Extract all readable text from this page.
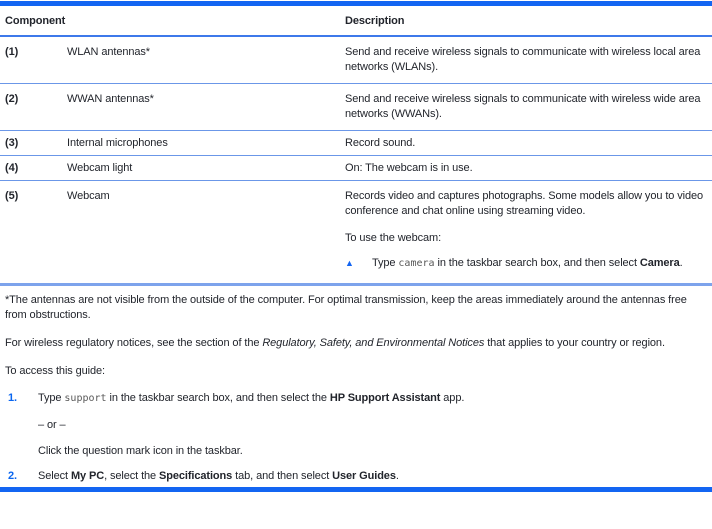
Component	Description
(1)	WLAN antennas*	Send and receive wireless signals to communicate with wireless local area networks (WLANs).
(2)	WWAN antennas*	Send and receive wireless signals to communicate with wireless wide area networks (WWANs).
(3)	Internal microphones	Record sound.
(4)	Webcam light	On: The webcam is in use.
(5)	Webcam	Records video and captures photographs. Some models allow you to video conference and chat online using streaming video.

To use the webcam:

▲	Type camera in the taskbar search box, and then select Camera.

*The antennas are not visible from the outside of the computer. For optimal transmission, keep the areas immediately around the antennas free from obstructions.

For wireless regulatory notices, see the section of the Regulatory, Safety, and Environmental Notices that applies to your country or region.

To access this guide:

1.	Type support in the taskbar search box, and then select the HP Support Assistant app.

– or –

Click the question mark icon in the taskbar.

2.	Select My PC, select the Specifications tab, and then select User Guides.
